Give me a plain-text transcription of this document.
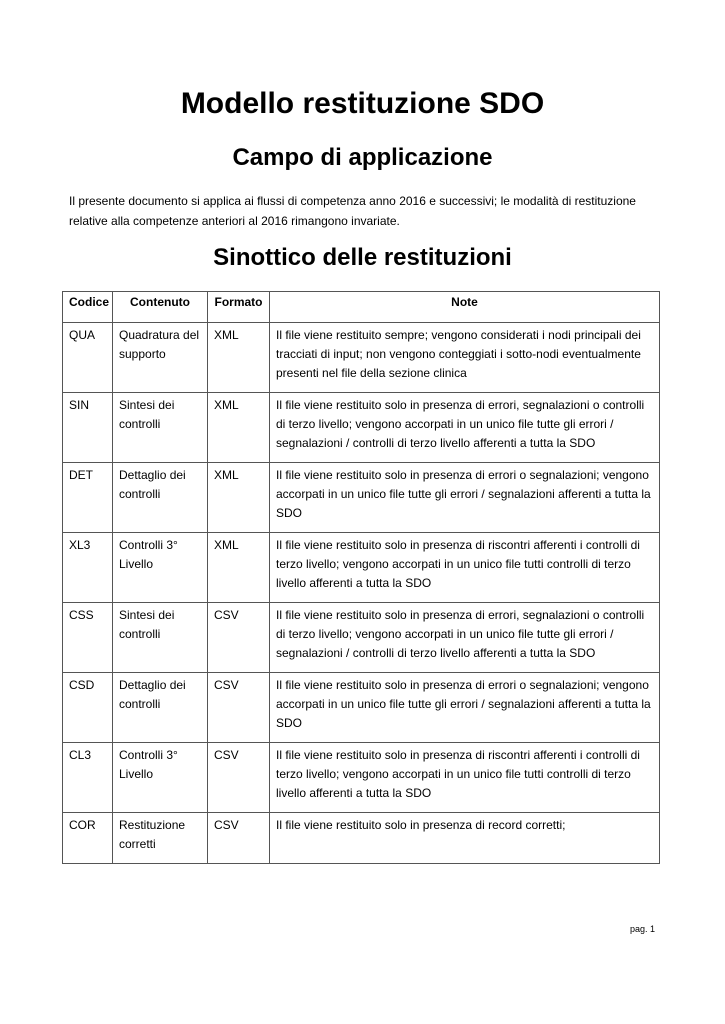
Modello restituzione SDO
Campo di applicazione

Il presente documento si applica ai flussi di competenza anno 2016 e successivi; le modalità di restituzione relative alla competenze anteriori al 2016 rimangono invariate.

Sinottico delle restituzioni
Codice	Contenuto	Formato	Note
QUA	Quadratura del supporto	XML	Il file viene restituito sempre; vengono considerati i nodi principali dei tracciati di input; non vengono conteggiati i sotto-nodi eventualmente presenti nel file della sezione clinica
SIN	Sintesi dei controlli	XML	Il file viene restituito solo in presenza di errori, segnalazioni o controlli di terzo livello; vengono accorpati in un unico file tutte gli errori / segnalazioni / controlli di terzo livello afferenti a tutta la SDO
DET	Dettaglio dei controlli	XML	Il file viene restituito solo in presenza di errori o segnalazioni; vengono accorpati in un unico file tutte gli errori / segnalazioni afferenti a tutta la SDO
XL3	Controlli 3° Livello	XML	Il file viene restituito solo in presenza di riscontri afferenti i controlli di terzo livello; vengono accorpati in un unico file tutti controlli di terzo livello afferenti a tutta la SDO
CSS	Sintesi dei controlli	CSV	Il file viene restituito solo in presenza di errori, segnalazioni o controlli di terzo livello; vengono accorpati in un unico file tutte gli errori / segnalazioni / controlli di terzo livello afferenti a tutta la SDO
CSD	Dettaglio dei controlli	CSV	Il file viene restituito solo in presenza di errori o segnalazioni; vengono accorpati in un unico file tutte gli errori / segnalazioni afferenti a tutta la SDO
CL3	Controlli 3° Livello	CSV	Il file viene restituito solo in presenza di riscontri afferenti i controlli di terzo livello; vengono accorpati in un unico file tutti controlli di terzo livello afferenti a tutta la SDO
COR	Restituzione corretti	CSV	Il file viene restituito solo in presenza di record corretti;
pag. 1
